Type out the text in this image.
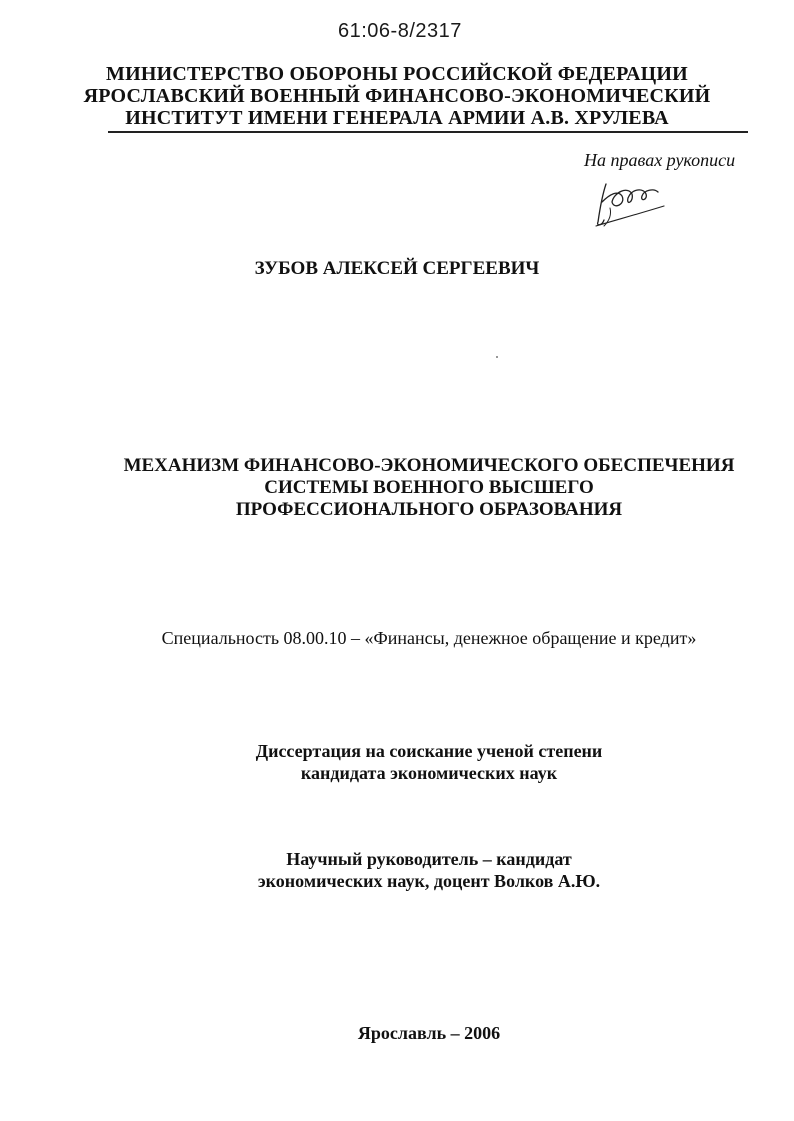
61:06-8/2317
МИНИСТЕРСТВО ОБОРОНЫ РОССИЙСКОЙ ФЕДЕРАЦИИ
ЯРОСЛАВСКИЙ ВОЕННЫЙ ФИНАНСОВО-ЭКОНОМИЧЕСКИЙ
ИНСТИТУТ ИМЕНИ ГЕНЕРАЛА АРМИИ А.В. ХРУЛЕВА
На правах рукописи
ЗУБОВ АЛЕКСЕЙ СЕРГЕЕВИЧ
МЕХАНИЗМ ФИНАНСОВО-ЭКОНОМИЧЕСКОГО ОБЕСПЕЧЕНИЯ
СИСТЕМЫ ВОЕННОГО ВЫСШЕГО
ПРОФЕССИОНАЛЬНОГО ОБРАЗОВАНИЯ
Специальность 08.00.10 – «Финансы, денежное обращение и кредит»
Диссертация на соискание ученой степени
кандидата экономических наук
Научный руководитель – кандидат
экономических наук, доцент Волков А.Ю.
Ярославль – 2006
